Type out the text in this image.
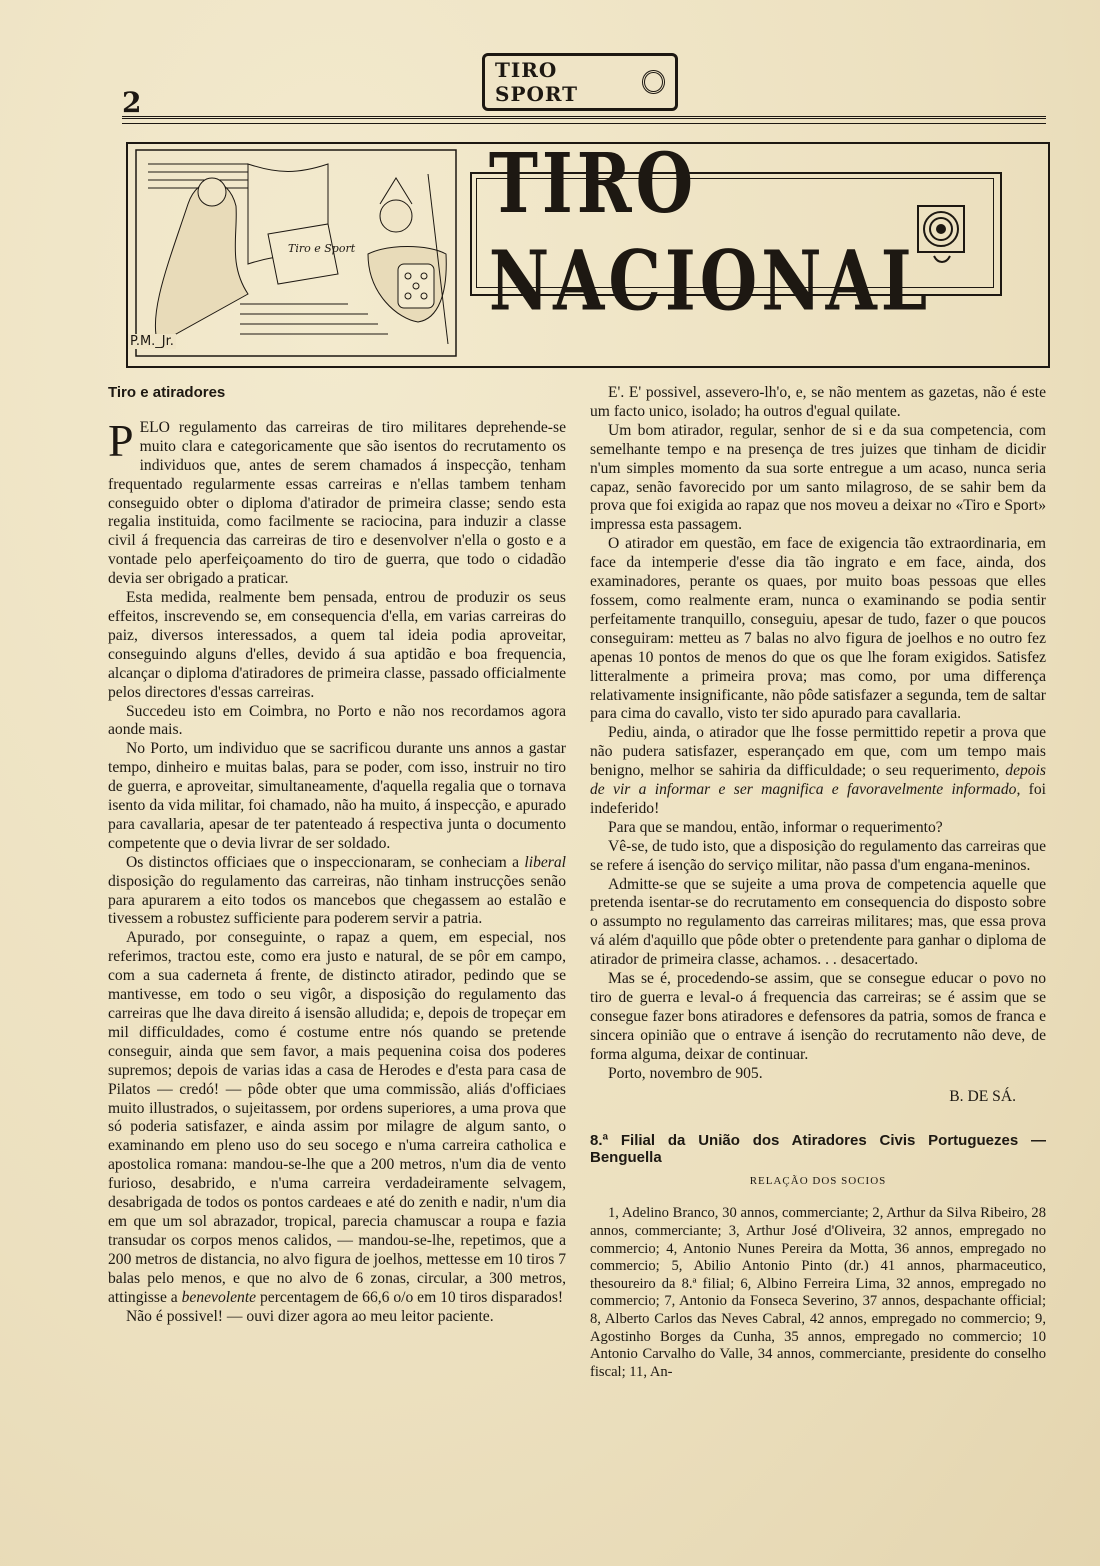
2
TIRO SPORT
Tiro e Sport
P.M._Jr.
TIRO NACIONAL
Tiro e atiradores

PELO regulamento das carreiras de tiro militares deprehende-se muito clara e categoricamente que são isentos do recrutamento os individuos que, antes de serem chamados á inspecção, tenham frequentado regularmente essas carreiras e n'ellas tambem tenham conseguido obter o diploma d'atirador de primeira classe; sendo esta regalia instituida, como facilmente se raciocina, para induzir a classe civil á frequencia das carreiras de tiro e desenvolver n'ella o gosto e a vontade pelo aperfeiçoamento do tiro de guerra, que todo o cidadão devia ser obrigado a praticar.

Esta medida, realmente bem pensada, entrou de produzir os seus effeitos, inscrevendo se, em consequencia d'ella, em varias carreiras do paiz, diversos interessados, a quem tal ideia podia aproveitar, conseguindo alguns d'elles, devido á sua aptidão e boa frequencia, alcançar o diploma d'atiradores de primeira classe, passado officialmente pelos directores d'essas carreiras.

Succedeu isto em Coimbra, no Porto e não nos recordamos agora aonde mais.

No Porto, um individuo que se sacrificou durante uns annos a gastar tempo, dinheiro e muitas balas, para se poder, com isso, instruir no tiro de guerra, e aproveitar, simultaneamente, d'aquella regalia que o tornava isento da vida militar, foi chamado, não ha muito, á inspecção, e apurado para cavallaria, apesar de ter patenteado á respectiva junta o documento competente que o devia livrar de ser soldado.

Os distinctos officiaes que o inspeccionaram, se conheciam a liberal disposição do regulamento das carreiras, não tinham instrucções senão para apurarem a eito todos os mancebos que chegassem ao estalão e tivessem a robustez sufficiente para poderem servir a patria.

Apurado, por conseguinte, o rapaz a quem, em especial, nos referimos, tractou este, como era justo e natural, de se pôr em campo, com a sua caderneta á frente, de distincto atirador, pedindo que se mantivesse, em todo o seu vigôr, a disposição do regulamento das carreiras que lhe dava direito á isensão alludida; e, depois de tropeçar em mil difficuldades, como é costume entre nós quando se pretende conseguir, ainda que sem favor, a mais pequenina coisa dos poderes supremos; depois de varias idas a casa de Herodes e d'esta para casa de Pilatos — credó! — pôde obter que uma commissão, aliás d'officiaes muito illustrados, o sujeitassem, por ordens superiores, a uma prova que só poderia satisfazer, e ainda assim por milagre de algum santo, o examinando em pleno uso do seu socego e n'uma carreira catholica e apostolica romana: mandou-se-lhe que a 200 metros, n'um dia de vento furioso, desabrido, e n'uma carreira verdadeiramente selvagem, desabrigada de todos os pontos cardeaes e até do zenith e nadir, n'um dia em que um sol abrazador, tropical, parecia chamuscar a roupa e fazia transudar os corpos menos calidos, — mandou-se-lhe, repetimos, que a 200 metros de distancia, no alvo figura de joelhos, mettesse em 10 tiros 7 balas pelo menos, e que no alvo de 6 zonas, circular, a 300 metros, attingisse a benevolente percentagem de 66,6 o/o em 10 tiros disparados!

Não é possivel! — ouvi dizer agora ao meu leitor paciente.

E'. E' possivel, assevero-lh'o, e, se não mentem as gazetas, não é este um facto unico, isolado; ha outros d'egual quilate.

Um bom atirador, regular, senhor de si e da sua competencia, com semelhante tempo e na presença de tres juizes que tinham de dicidir n'um simples momento da sua sorte entregue a um acaso, nunca seria capaz, senão favorecido por um santo milagroso, de se sahir bem da prova que foi exigida ao rapaz que nos moveu a deixar no «Tiro e Sport» impressa esta passagem.

O atirador em questão, em face de exigencia tão extraordinaria, em face da intemperie d'esse dia tão ingrato e em face, ainda, dos examinadores, perante os quaes, por muito boas pessoas que elles fossem, como realmente eram, nunca o examinando se podia sentir perfeitamente tranquillo, conseguiu, apesar de tudo, fazer o que poucos conseguiram: metteu as 7 balas no alvo figura de joelhos e no outro fez apenas 10 pontos de menos do que os que lhe foram exigidos. Satisfez litteralmente a primeira prova; mas como, por uma differença relativamente insignificante, não pôde satisfazer a segunda, tem de saltar para cima do cavallo, visto ter sido apurado para cavallaria.

Pediu, ainda, o atirador que lhe fosse permittido repetir a prova que não pudera satisfazer, esperançado em que, com um tempo mais benigno, melhor se sahiria da difficuldade; o seu requerimento, depois de vir a informar e ser magnifica e favoravelmente informado, foi indeferido!

Para que se mandou, então, informar o requerimento?

Vê-se, de tudo isto, que a disposição do regulamento das carreiras que se refere á isenção do serviço militar, não passa d'um engana-meninos.

Admitte-se que se sujeite a uma prova de competencia aquelle que pretenda isentar-se do recrutamento em consequencia do disposto sobre o assumpto no regulamento das carreiras militares; mas, que essa prova vá além d'aquillo que pôde obter o pretendente para ganhar o diploma de atirador de primeira classe, achamos. . . desacertado.

Mas se é, procedendo-se assim, que se consegue educar o povo no tiro de guerra e leval-o á frequencia das carreiras; se é assim que se consegue fazer bons atiradores e defensores da patria, somos de franca e sincera opinião que o entrave á isenção do recrutamento não deve, de forma alguma, deixar de continuar.

Porto, novembro de 905.

B. DE SÁ.
8.ª Filial da União dos Atiradores Civis Portuguezes — Benguella
RELAÇÃO DOS SOCIOS

1, Adelino Branco, 30 annos, commerciante; 2, Arthur da Silva Ribeiro, 28 annos, commerciante; 3, Arthur José d'Oliveira, 32 annos, empregado no commercio; 4, Antonio Nunes Pereira da Motta, 36 annos, empregado no commercio; 5, Abilio Antonio Pinto (dr.) 41 annos, pharmaceutico, thesoureiro da 8.ª filial; 6, Albino Ferreira Lima, 32 annos, empregado no commercio; 7, Antonio da Fonseca Severino, 37 annos, despachante official; 8, Alberto Carlos das Neves Cabral, 42 annos, empregado no commercio; 9, Agostinho Borges da Cunha, 35 annos, empregado no commercio; 10 Antonio Carvalho do Valle, 34 annos, commerciante, presidente do conselho fiscal; 11, An-
